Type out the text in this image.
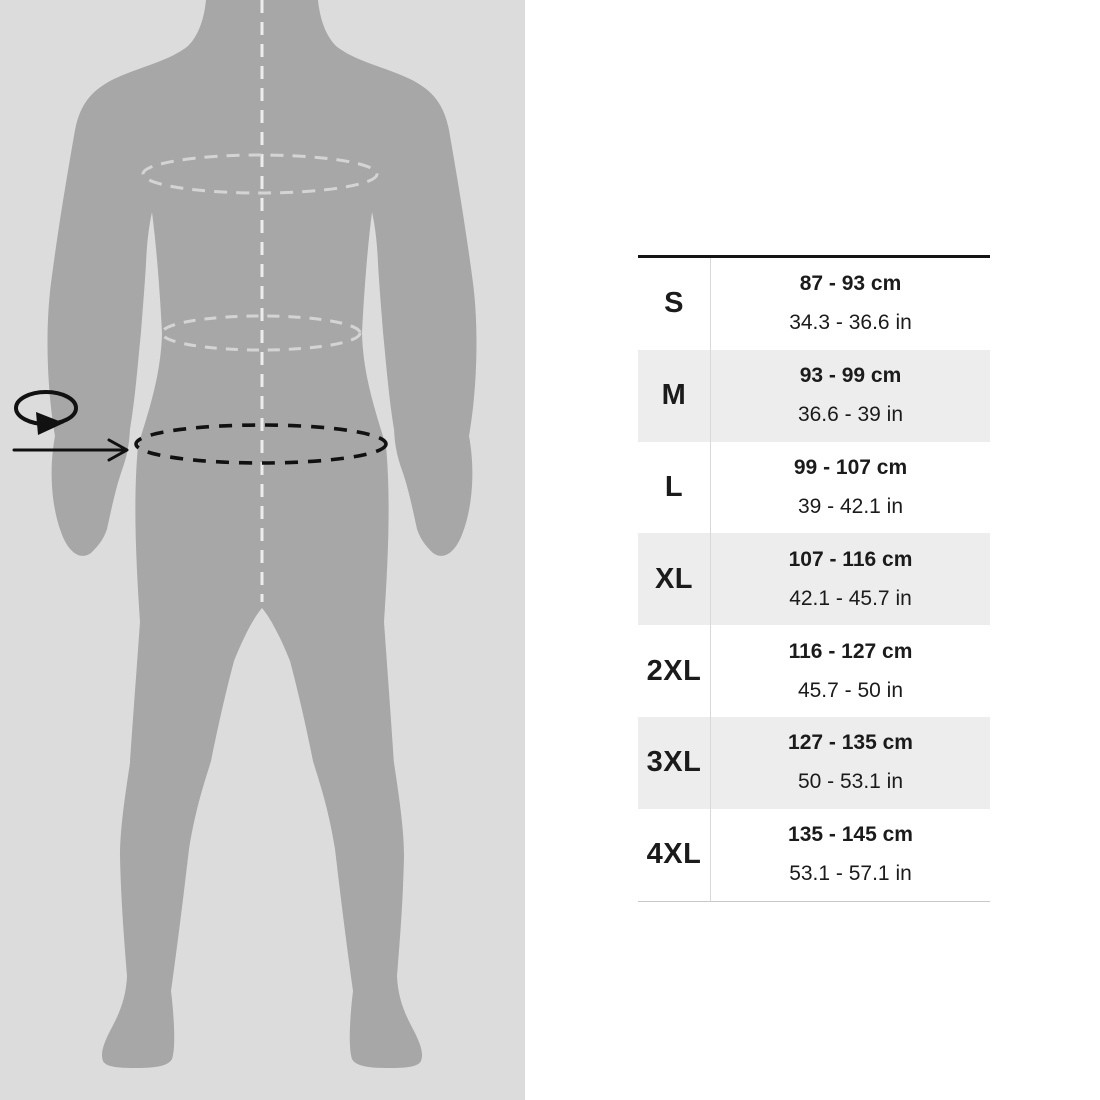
S
87 - 93 cm
34.3 - 36.6 in
M
93 - 99 cm
36.6 - 39 in
L
99 - 107 cm
39 - 42.1 in
XL
107 - 116 cm
42.1 - 45.7 in
2XL
116 - 127 cm
45.7 - 50 in
3XL
127 - 135 cm
50 - 53.1 in
4XL
135 - 145 cm
53.1 - 57.1 in
